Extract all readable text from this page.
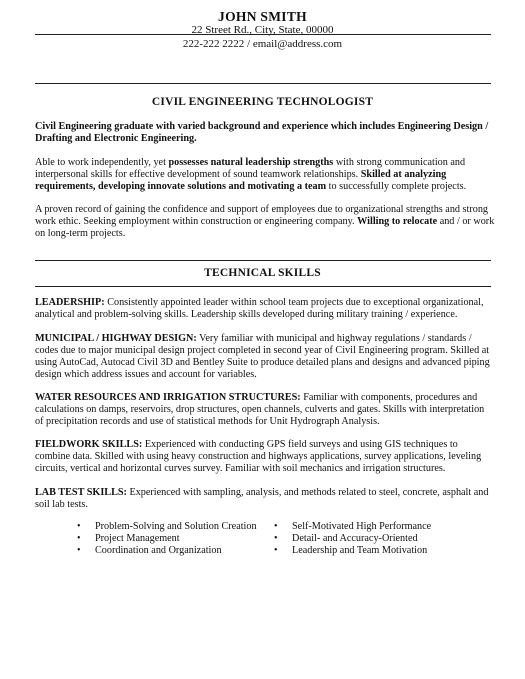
JOHN SMITH
22 Street Rd., City, State, 00000
222-222 2222 / email@address.com
CIVIL ENGINEERING TECHNOLOGIST
Civil Engineering graduate with varied background and experience which includes Engineering Design / Drafting and Electronic Engineering.
Able to work independently, yet possesses natural leadership strengths with strong communication and interpersonal skills for effective development of sound teamwork relationships. Skilled at analyzing requirements, developing innovate solutions and motivating a team to successfully complete projects.
A proven record of gaining the confidence and support of employees due to organizational strengths and strong work ethic. Seeking employment within construction or engineering company. Willing to relocate and / or work on long-term projects.
TECHNICAL SKILLS
LEADERSHIP: Consistently appointed leader within school team projects due to exceptional organizational, analytical and problem-solving skills. Leadership skills developed during military training / experience.
MUNICIPAL / HIGHWAY DESIGN: Very familiar with municipal and highway regulations / standards / codes due to major municipal design project completed in second year of Civil Engineering program. Skilled at using AutoCad, Autocad Civil 3D and Bentley Suite to produce detailed plans and designs and advanced piping design which address issues and account for variables.
WATER RESOURCES AND IRRIGATION STRUCTURES: Familiar with components, procedures and calculations on damps, reservoirs, drop structures, open channels, culverts and gates. Skills with interpretation of precipitation records and use of statistical methods for Unit Hydrograph Analysis.
FIELDWORK SKILLS: Experienced with conducting GPS field surveys and using GIS techniques to combine data. Skilled with using heavy construction and highways applications, survey applications, leveling circuits, vertical and horizontal curves survey. Familiar with soil mechanics and irrigation structures.
LAB TEST SKILLS: Experienced with sampling, analysis, and methods related to steel, concrete, asphalt and soil lab tests.
• Problem-Solving and Solution Creation
• Project Management
• Coordination and Organization
• Self-Motivated High Performance
• Detail- and Accuracy-Oriented
• Leadership and Team Motivation
